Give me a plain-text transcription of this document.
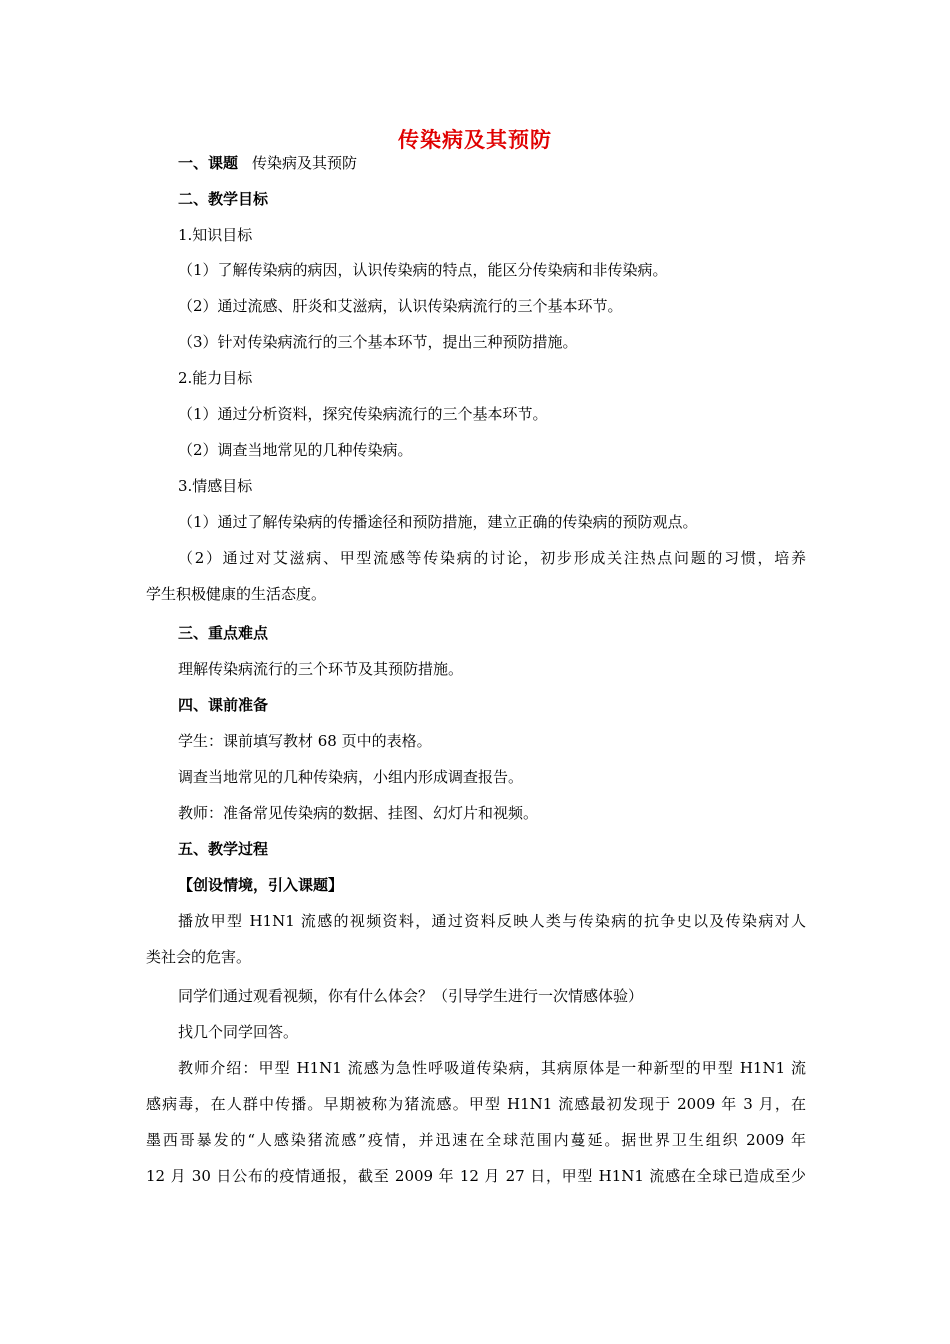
传染病及其预防
一、课题 传染病及其预防
二、教学目标
1.知识目标
（1）了解传染病的病因，认识传染病的特点，能区分传染病和非传染病。
（2）通过流感、肝炎和艾滋病，认识传染病流行的三个基本环节。
（3）针对传染病流行的三个基本环节，提出三种预防措施。
2.能力目标
（1）通过分析资料，探究传染病流行的三个基本环节。
（2）调查当地常见的几种传染病。
3.情感目标
（1）通过了解传染病的传播途径和预防措施，建立正确的传染病的预防观点。
（2）通过对艾滋病、甲型流感等传染病的讨论，初步形成关注热点问题的习惯，培养
学生积极健康的生活态度。
三、重点难点
理解传染病流行的三个环节及其预防措施。
四、课前准备
学生：课前填写教材 68 页中的表格。
调查当地常见的几种传染病，小组内形成调查报告。
教师：准备常见传染病的数据、挂图、幻灯片和视频。
五、教学过程
【创设情境，引入课题】
播放甲型 H1N1 流感的视频资料，通过资料反映人类与传染病的抗争史以及传染病对人
类社会的危害。
同学们通过观看视频，你有什么体会？（引导学生进行一次情感体验）
找几个同学回答。
教师介绍：甲型 H1N1 流感为急性呼吸道传染病，其病原体是一种新型的甲型 H1N1 流
感病毒，在人群中传播。早期被称为猪流感。甲型 H1N1 流感最初发现于 2009 年 3 月，在
墨西哥暴发的“人感染猪流感”疫情，并迅速在全球范围内蔓延。据世界卫生组织 2009 年
12 月 30 日公布的疫情通报，截至 2009 年 12 月 27 日，甲型 H1N1 流感在全球已造成至少
